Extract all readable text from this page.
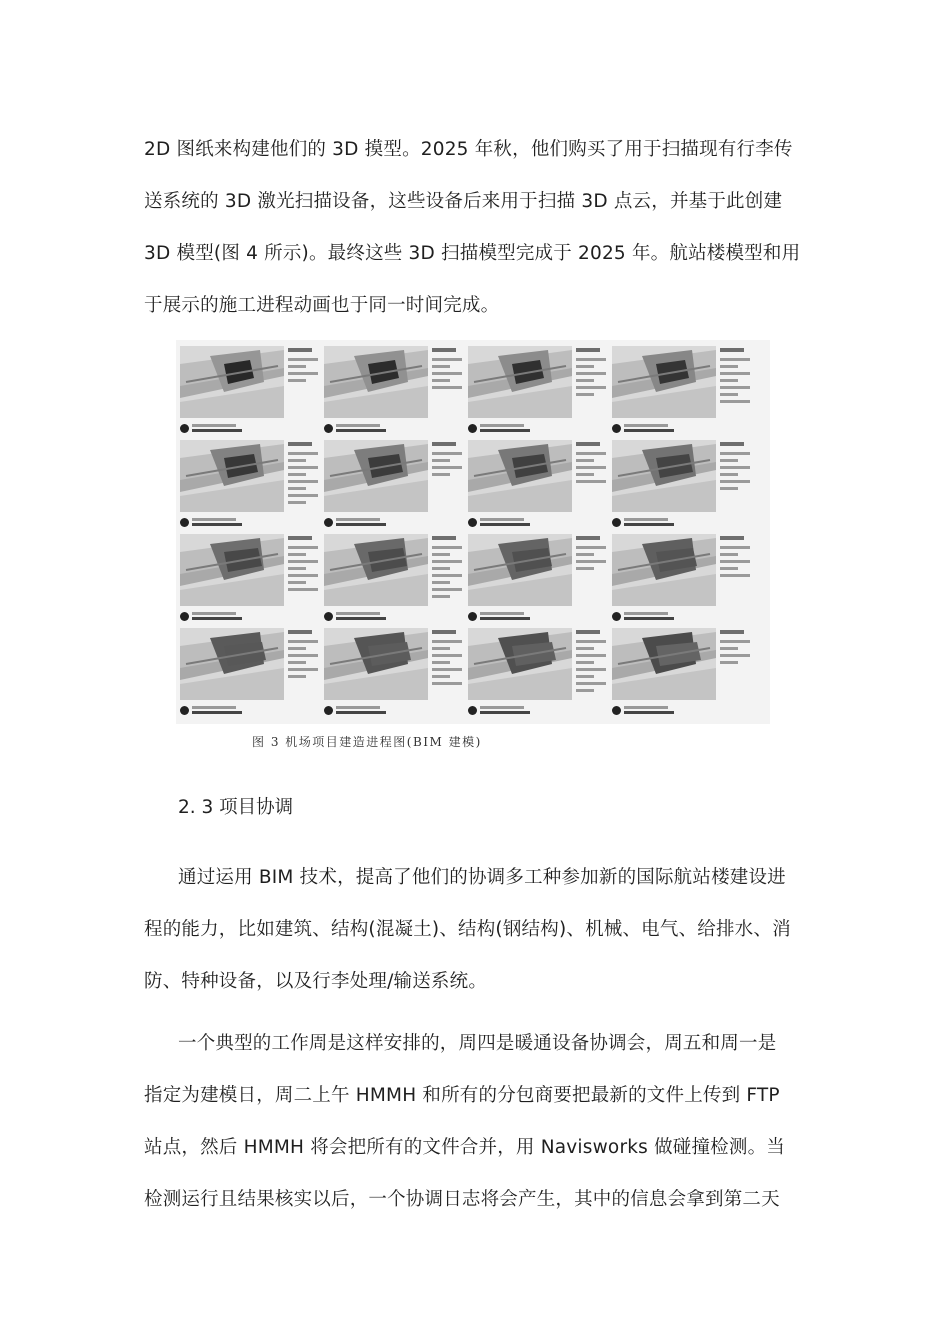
2D 图纸来构建他们的 3D 摸型。2025 年秋，他们购买了用于扫描现有行李传
送系统的 3D 激光扫描设备，这些设备后来用于扫描 3D 点云，并基于此创建
3D 模型(图 4 所示)。最终这些 3D 扫描模型完成于 2025 年。航站楼模型和用
于展示的施工进程动画也于同一时间完成。
图 3 机场项目建造进程图(BIM 建模)
2. 3 项目协调
通过运用 BIM 技术，提高了他们的协调多工种参加新的国际航站楼建设进
程的能力，比如建筑、结构(混凝土)、结构(钢结构)、机械、电气、给排水、消
防、特种设备，以及行李处理/输送系统。
一个典型的工作周是这样安排的，周四是暖通设备协调会，周五和周一是
指定为建模日，周二上午 HMMH 和所有的分包商要把最新的文件上传到 FTP
站点，然后 HMMH 将会把所有的文件合并，用 Navisworks 做碰撞检测。当
检测运行且结果核实以后，一个协调日志将会产生，其中的信息会拿到第二天
